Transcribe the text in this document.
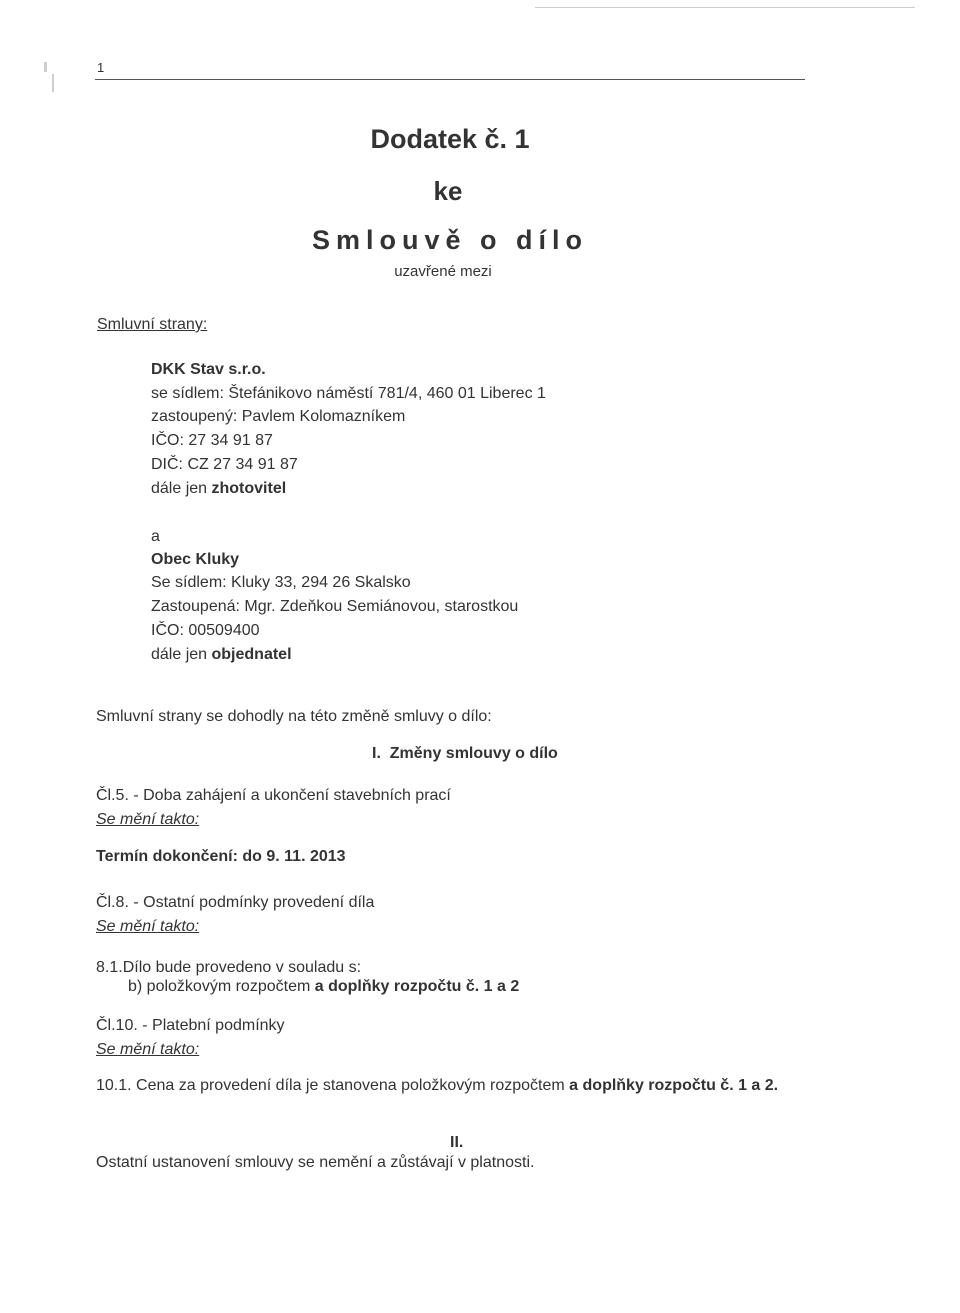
1
Dodatek č. 1
ke
Smlouvě o dílo
uzavřené mezi
Smluvní strany:
DKK Stav s.r.o.
se sídlem: Štefánikovo náměstí 781/4, 460 01 Liberec 1
zastoupený: Pavlem Kolomazníkem
IČO: 27 34 91 87
DIČ: CZ 27 34 91 87
dále jen zhotovitel
a
Obec Kluky
Se sídlem: Kluky 33, 294 26 Skalsko
Zastoupená: Mgr. Zdeňkou Semiánovou, starostkou
IČO: 00509400
dále jen objednatel
Smluvní strany se dohodly na této změně smluvy o dílo:
I.  Změny smlouvy o dílo
Čl.5. - Doba zahájení a ukončení stavebních prací
Se mění takto:
Termín dokončení: do 9. 11. 2013
Čl.8. - Ostatní podmínky provedení díla
Se mění takto:
8.1.Dílo bude provedeno v souladu s:
b) položkovým rozpočtem a doplňky rozpočtu č. 1 a 2
Čl.10. - Platební podmínky
Se mění takto:
10.1. Cena za provedení díla je stanovena položkovým rozpočtem a doplňky rozpočtu č. 1 a 2.
II.
Ostatní ustanovení smlouvy se nemění a zůstávají v platnosti.
